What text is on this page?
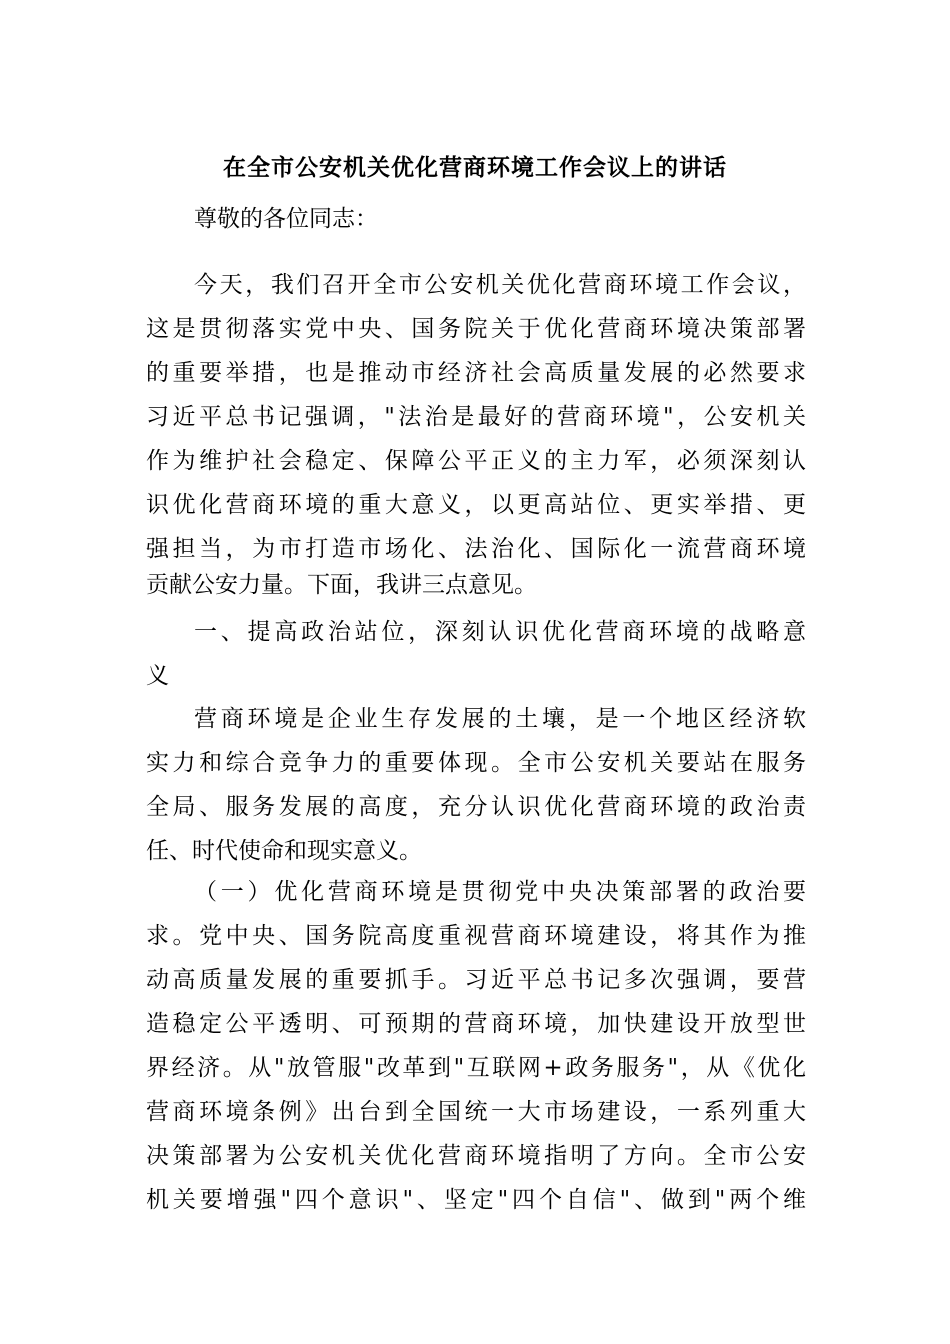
在全市公安机关优化营商环境工作会议上的讲话
尊敬的各位同志：
今天，我们召开全市公安机关优化营商环境工作会议，
这是贯彻落实党中央、国务院关于优化营商环境决策部署
的重要举措，也是推动市经济社会高质量发展的必然要求
习近平总书记强调，"法治是最好的营商环境"，公安机关
作为维护社会稳定、保障公平正义的主力军，必须深刻认
识优化营商环境的重大意义，以更高站位、更实举措、更
强担当，为市打造市场化、法治化、国际化一流营商环境
贡献公安力量。下面，我讲三点意见。
一、提高政治站位，深刻认识优化营商环境的战略意
义
营商环境是企业生存发展的土壤，是一个地区经济软
实力和综合竞争力的重要体现。全市公安机关要站在服务
全局、服务发展的高度，充分认识优化营商环境的政治责
任、时代使命和现实意义。
（一）优化营商环境是贯彻党中央决策部署的政治要
求。党中央、国务院高度重视营商环境建设，将其作为推
动高质量发展的重要抓手。习近平总书记多次强调，要营
造稳定公平透明、可预期的营商环境，加快建设开放型世
界经济。从"放管服"改革到"互联网+政务服务"，从《优化
营商环境条例》出台到全国统一大市场建设，一系列重大
决策部署为公安机关优化营商环境指明了方向。全市公安
机关要增强"四个意识"、坚定"四个自信"、做到"两个维
